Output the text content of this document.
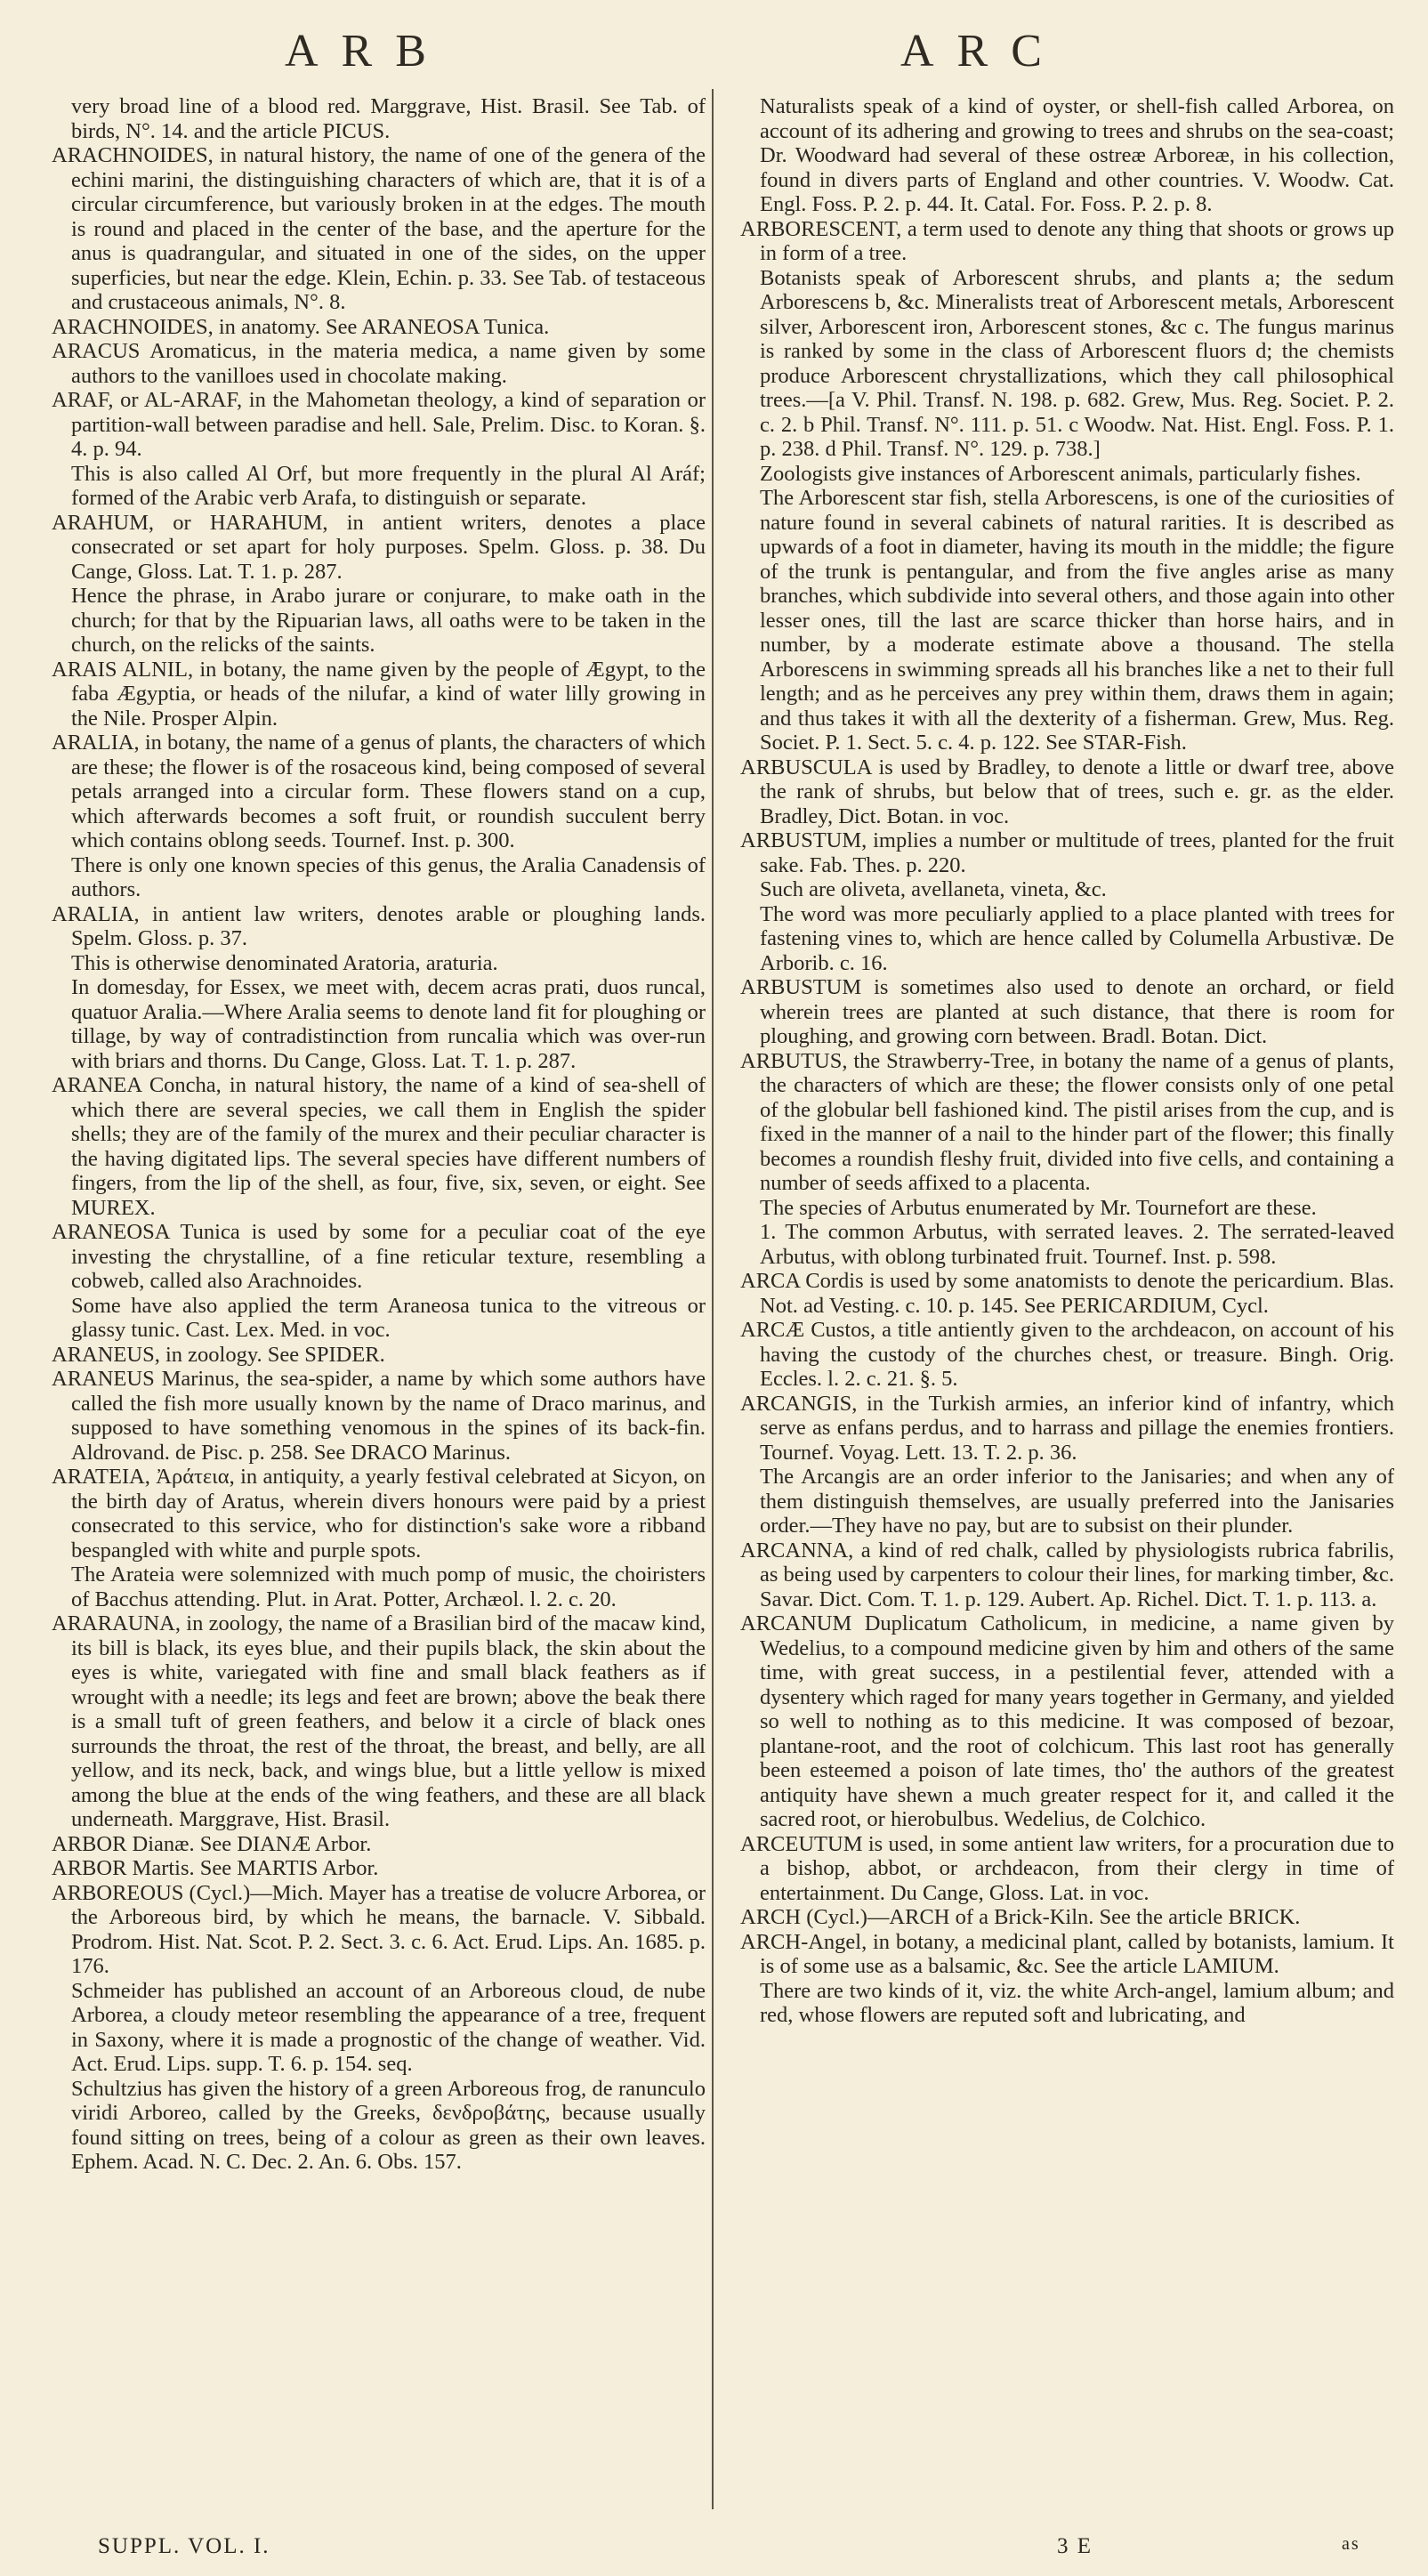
ARB	ARC

very broad line of a blood red. Marggrave, Hist. Brasil. See Tab. of birds, N°. 14. and the article PICUS.

ARACHNOIDES, in natural history, the name of one of the genera of the echini marini, the distinguishing characters of which are, that it is of a circular circumference, but variously broken in at the edges. The mouth is round and placed in the center of the base, and the aperture for the anus is quadrangular, and situated in one of the sides, on the upper superficies, but near the edge. Klein, Echin. p. 33. See Tab. of testaceous and crustaceous animals, N°. 8.

ARACHNOIDES, in anatomy. See ARANEOSA Tunica.

ARACUS Aromaticus, in the materia medica, a name given by some authors to the vanilloes used in chocolate making.

ARAF, or AL-ARAF, in the Mahometan theology, a kind of separation or partition-wall between paradise and hell. Sale, Prelim. Disc. to Koran. §. 4. p. 94.

This is also called Al Orf, but more frequently in the plural Al Aráf; formed of the Arabic verb Arafa, to distinguish or separate.

ARAHUM, or HARAHUM, in antient writers, denotes a place consecrated or set apart for holy purposes. Spelm. Gloss. p. 38. Du Cange, Gloss. Lat. T. 1. p. 287.

Hence the phrase, in Arabo jurare or conjurare, to make oath in the church; for that by the Ripuarian laws, all oaths were to be taken in the church, on the relicks of the saints.

ARAIS ALNIL, in botany, the name given by the people of Ægypt, to the faba Ægyptia, or heads of the nilufar, a kind of water lilly growing in the Nile. Prosper Alpin.

ARALIA, in botany, the name of a genus of plants, the characters of which are these; the flower is of the rosaceous kind, being composed of several petals arranged into a circular form. These flowers stand on a cup, which afterwards becomes a soft fruit, or roundish succulent berry which contains oblong seeds. Tournef. Inst. p. 300.

There is only one known species of this genus, the Aralia Canadensis of authors.

ARALIA, in antient law writers, denotes arable or ploughing lands. Spelm. Gloss. p. 37.

This is otherwise denominated Aratoria, araturia.

In domesday, for Essex, we meet with, decem acras prati, duos runcal, quatuor Aralia.—Where Aralia seems to denote land fit for ploughing or tillage, by way of contradistinction from runcalia which was over-run with briars and thorns. Du Cange, Gloss. Lat. T. 1. p. 287.

ARANEA Concha, in natural history, the name of a kind of sea-shell of which there are several species, we call them in English the spider shells; they are of the family of the murex and their peculiar character is the having digitated lips. The several species have different numbers of fingers, from the lip of the shell, as four, five, six, seven, or eight. See MUREX.

ARANEOSA Tunica is used by some for a peculiar coat of the eye investing the chrystalline, of a fine reticular texture, resembling a cobweb, called also Arachnoides.

Some have also applied the term Araneosa tunica to the vitreous or glassy tunic. Cast. Lex. Med. in voc.

ARANEUS, in zoology. See SPIDER.

ARANEUS Marinus, the sea-spider, a name by which some authors have called the fish more usually known by the name of Draco marinus, and supposed to have something venomous in the spines of its back-fin. Aldrovand. de Pisc. p. 258. See DRACO Marinus.

ARATEIA, Ἀράτεια, in antiquity, a yearly festival celebrated at Sicyon, on the birth day of Aratus, wherein divers honours were paid by a priest consecrated to this service, who for distinction's sake wore a ribband bespangled with white and purple spots.

The Arateia were solemnized with much pomp of music, the choiristers of Bacchus attending. Plut. in Arat. Potter, Archæol. l. 2. c. 20.

ARARAUNA, in zoology, the name of a Brasilian bird of the macaw kind, its bill is black, its eyes blue, and their pupils black, the skin about the eyes is white, variegated with fine and small black feathers as if wrought with a needle; its legs and feet are brown; above the beak there is a small tuft of green feathers, and below it a circle of black ones surrounds the throat, the rest of the throat, the breast, and belly, are all yellow, and its neck, back, and wings blue, but a little yellow is mixed among the blue at the ends of the wing feathers, and these are all black underneath. Marggrave, Hist. Brasil.

ARBOR Dianæ. See DIANÆ Arbor.

ARBOR Martis. See MARTIS Arbor.

ARBOREOUS (Cycl.)—Mich. Mayer has a treatise de volucre Arborea, or the Arboreous bird, by which he means, the barnacle. V. Sibbald. Prodrom. Hist. Nat. Scot. P. 2. Sect. 3. c. 6. Act. Erud. Lips. An. 1685. p. 176.

Schmeider has published an account of an Arboreous cloud, de nube Arborea, a cloudy meteor resembling the appearance of a tree, frequent in Saxony, where it is made a prognostic of the change of weather. Vid. Act. Erud. Lips. supp. T. 6. p. 154. seq.

Schultzius has given the history of a green Arboreous frog, de ranunculo viridi Arboreo, called by the Greeks, δενδροβάτης, because usually found sitting on trees, being of a colour as green as their own leaves. Ephem. Acad. N. C. Dec. 2. An. 6. Obs. 157.

Naturalists speak of a kind of oyster, or shell-fish called Arborea, on account of its adhering and growing to trees and shrubs on the sea-coast; Dr. Woodward had several of these ostreæ Arboreæ, in his collection, found in divers parts of England and other countries. V. Woodw. Cat. Engl. Foss. P. 2. p. 44. It. Catal. For. Foss. P. 2. p. 8.

ARBORESCENT, a term used to denote any thing that shoots or grows up in form of a tree.

Botanists speak of Arborescent shrubs, and plants a; the sedum Arborescens b, &c. Mineralists treat of Arborescent metals, Arborescent silver, Arborescent iron, Arborescent stones, &c c. The fungus marinus is ranked by some in the class of Arborescent fluors d; the chemists produce Arborescent chrystallizations, which they call philosophical trees.—[a V. Phil. Transf. N. 198. p. 682. Grew, Mus. Reg. Societ. P. 2. c. 2. b Phil. Transf. N°. 111. p. 51. c Woodw. Nat. Hist. Engl. Foss. P. 1. p. 238. d Phil. Transf. N°. 129. p. 738.]

Zoologists give instances of Arborescent animals, particularly fishes.

The Arborescent star fish, stella Arborescens, is one of the curiosities of nature found in several cabinets of natural rarities. It is described as upwards of a foot in diameter, having its mouth in the middle; the figure of the trunk is pentangular, and from the five angles arise as many branches, which subdivide into several others, and those again into other lesser ones, till the last are scarce thicker than horse hairs, and in number, by a moderate estimate above a thousand. The stella Arborescens in swimming spreads all his branches like a net to their full length; and as he perceives any prey within them, draws them in again; and thus takes it with all the dexterity of a fisherman. Grew, Mus. Reg. Societ. P. 1. Sect. 5. c. 4. p. 122. See STAR-Fish.

ARBUSCULA is used by Bradley, to denote a little or dwarf tree, above the rank of shrubs, but below that of trees, such e. gr. as the elder. Bradley, Dict. Botan. in voc.

ARBUSTUM, implies a number or multitude of trees, planted for the fruit sake. Fab. Thes. p. 220.

Such are oliveta, avellaneta, vineta, &c.

The word was more peculiarly applied to a place planted with trees for fastening vines to, which are hence called by Columella Arbustivæ. De Arborib. c. 16.

ARBUSTUM is sometimes also used to denote an orchard, or field wherein trees are planted at such distance, that there is room for ploughing, and growing corn between. Bradl. Botan. Dict.

ARBUTUS, the Strawberry-Tree, in botany the name of a genus of plants, the characters of which are these; the flower consists only of one petal of the globular bell fashioned kind. The pistil arises from the cup, and is fixed in the manner of a nail to the hinder part of the flower; this finally becomes a roundish fleshy fruit, divided into five cells, and containing a number of seeds affixed to a placenta.

The species of Arbutus enumerated by Mr. Tournefort are these.

1. The common Arbutus, with serrated leaves. 2. The serrated-leaved Arbutus, with oblong turbinated fruit. Tournef. Inst. p. 598.

ARCA Cordis is used by some anatomists to denote the pericardium. Blas. Not. ad Vesting. c. 10. p. 145. See PERICARDIUM, Cycl.

ARCÆ Custos, a title antiently given to the archdeacon, on account of his having the custody of the churches chest, or treasure. Bingh. Orig. Eccles. l. 2. c. 21. §. 5.

ARCANGIS, in the Turkish armies, an inferior kind of infantry, which serve as enfans perdus, and to harrass and pillage the enemies frontiers. Tournef. Voyag. Lett. 13. T. 2. p. 36.

The Arcangis are an order inferior to the Janisaries; and when any of them distinguish themselves, are usually preferred into the Janisaries order.—They have no pay, but are to subsist on their plunder.

ARCANNA, a kind of red chalk, called by physiologists rubrica fabrilis, as being used by carpenters to colour their lines, for marking timber, &c. Savar. Dict. Com. T. 1. p. 129. Aubert. Ap. Richel. Dict. T. 1. p. 113. a.

ARCANUM Duplicatum Catholicum, in medicine, a name given by Wedelius, to a compound medicine given by him and others of the same time, with great success, in a pestilential fever, attended with a dysentery which raged for many years together in Germany, and yielded so well to nothing as to this medicine. It was composed of bezoar, plantane-root, and the root of colchicum. This last root has generally been esteemed a poison of late times, tho' the authors of the greatest antiquity have shewn a much greater respect for it, and called it the sacred root, or hierobulbus. Wedelius, de Colchico.

ARCEUTUM is used, in some antient law writers, for a procuration due to a bishop, abbot, or archdeacon, from their clergy in time of entertainment. Du Cange, Gloss. Lat. in voc.

ARCH (Cycl.)—ARCH of a Brick-Kiln. See the article BRICK.

ARCH-Angel, in botany, a medicinal plant, called by botanists, lamium. It is of some use as a balsamic, &c. See the article LAMIUM.

There are two kinds of it, viz. the white Arch-angel, lamium album; and red, whose flowers are reputed soft and lubricating, and

SUPPL. VOL. I.	3 E	as
